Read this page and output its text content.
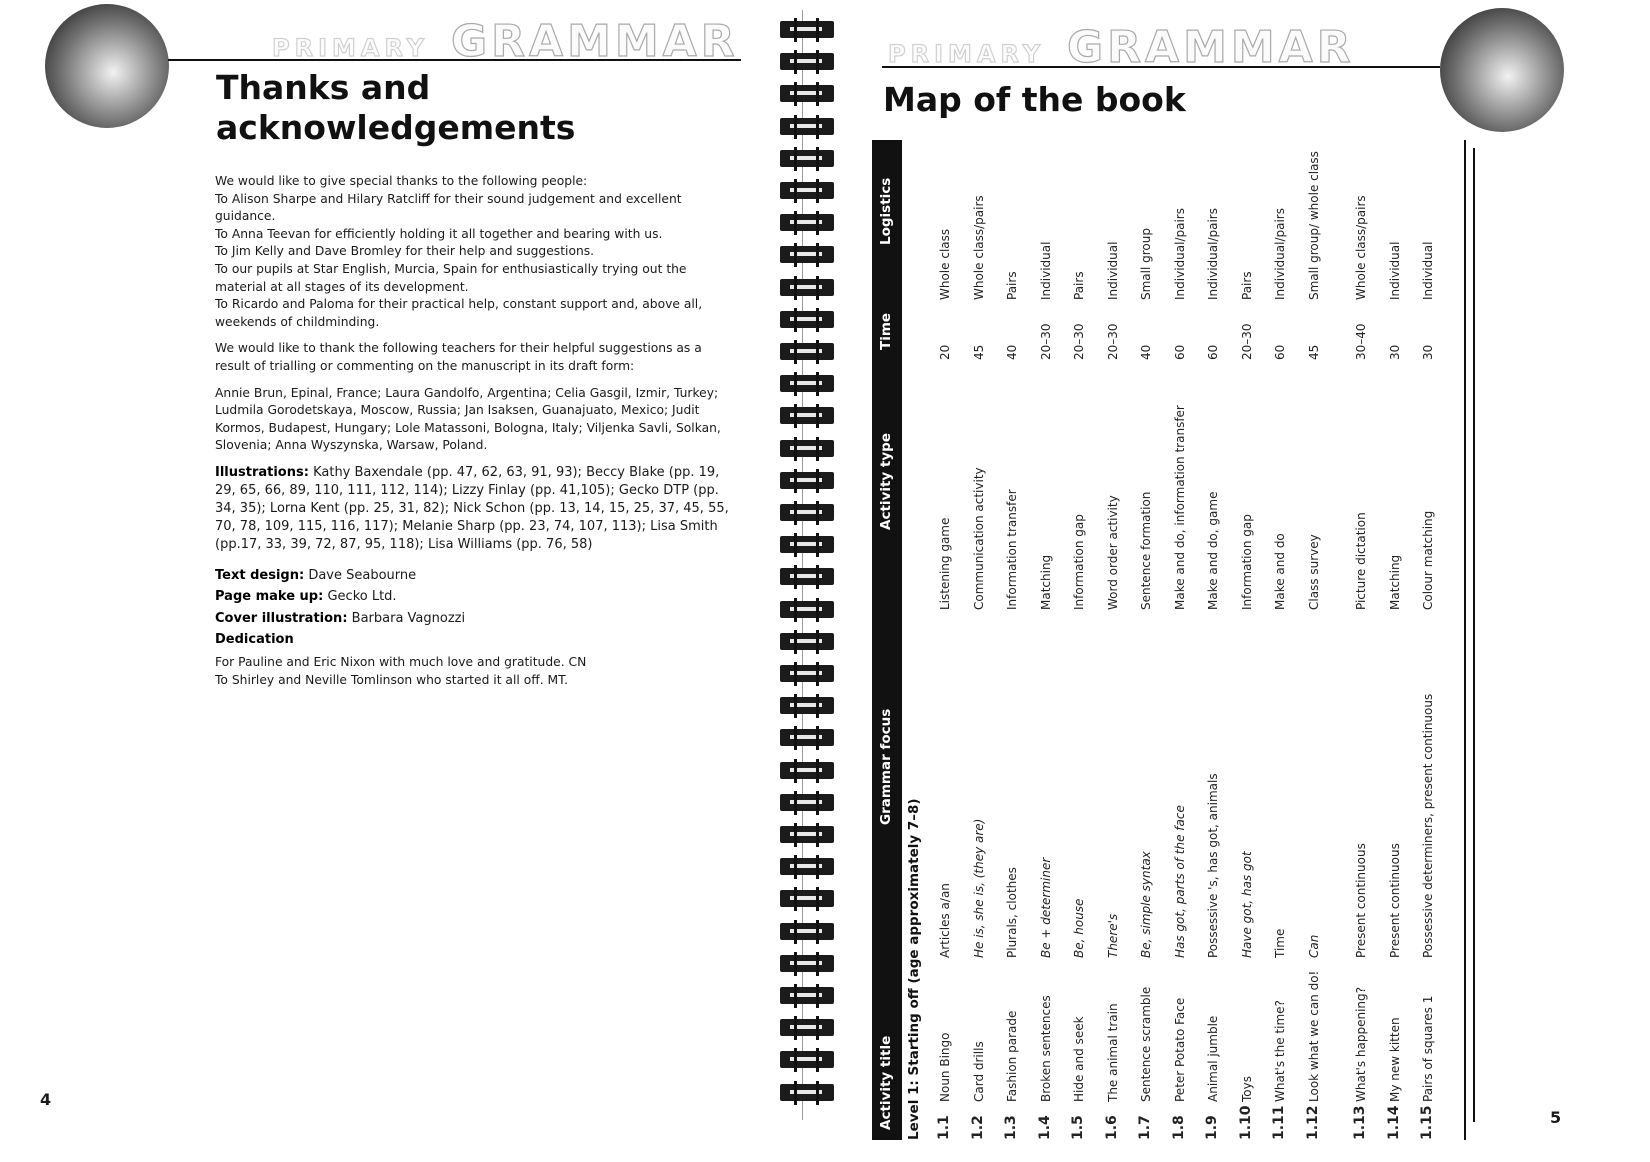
PRIMARY GRAMMAR	PRIMARY GRAMMAR
Thanks and acknowledgements

We would like to give special thanks to the following people:

To Alison Sharpe and Hilary Ratcliff for their sound judgement and excellent guidance.

To Anna Teevan for efficiently holding it all together and bearing with us.

To Jim Kelly and Dave Bromley for their help and suggestions.

To our pupils at Star English, Murcia, Spain for enthusiastically trying out the material at all stages of its development.

To Ricardo and Paloma for their practical help, constant support and, above all, weekends of childminding.

We would like to thank the following teachers for their helpful suggestions as a result of trialling or commenting on the manuscript in its draft form:

Annie Brun, Epinal, France; Laura Gandolfo, Argentina; Celia Gasgil, Izmir, Turkey; Ludmila Gorodetskaya, Moscow, Russia; Jan Isaksen, Guanajuato, Mexico; Judit Kormos, Budapest, Hungary; Lole Matassoni, Bologna, Italy; Viljenka Savli, Solkan, Slovenia; Anna Wyszynska, Warsaw, Poland.

Illustrations: Kathy Baxendale (pp. 47, 62, 63, 91, 93); Beccy Blake (pp. 19, 29, 65, 66, 89, 110, 111, 112, 114); Lizzy Finlay (pp. 41,105); Gecko DTP (pp. 34, 35); Lorna Kent (pp. 25, 31, 82); Nick Schon (pp. 13, 14, 15, 25, 37, 45, 55, 70, 78, 109, 115, 116, 117); Melanie Sharp (pp. 23, 74, 107, 113); Lisa Smith (pp.17, 33, 39, 72, 87, 95, 118); Lisa Williams (pp. 76, 58)

Text design: Dave Seabourne
Page make up: Gecko Ltd.
Cover illustration: Barbara Vagnozzi
Dedication

For Pauline and Eric Nixon with much love and gratitude. CN

To Shirley and Neville Tomlinson who started it all off. MT.

4
Map of the book
Activity title
Grammar focus
Activity type
Time
Logistics
Level 1: Starting off (age approximately 7–8) 1.1
Noun Bingo
Articles a/an
Listening game
20
Whole class
1.2
Card drills
He is, she is, (they are)
Communication activity
45
Whole class/pairs
1.3
Fashion parade
Plurals, clothes
Information transfer
40
Pairs
1.4
Broken sentences
Be + determiner
Matching
20–30
Individual
1.5
Hide and seek
Be, house
Information gap
20–30
Pairs
1.6
The animal train
There's
Word order activity
20–30
Individual
1.7
Sentence scramble
Be, simple syntax
Sentence formation
40
Small group
1.8
Peter Potato Face
Has got, parts of the face
Make and do, information transfer
60
Individual/pairs
1.9
Animal jumble
Possessive 's, has got, animals
Make and do, game
60
Individual/pairs
1.10
Toys
Have got, has got
Information gap
20–30
Pairs
1.11
What's the time?
Time
Make and do
60
Individual/pairs
1.12
Look what we can do!
Can
Class survey
45
Small group/ whole class
1.13
What's happening?
Present continuous
Picture dictation
30–40
Whole class/pairs
1.14
My new kitten
Present continuous
Matching
30
Individual
1.15
Pairs of squares 1
Possessive determiners, present continuous
Colour matching
30
Individual
5
